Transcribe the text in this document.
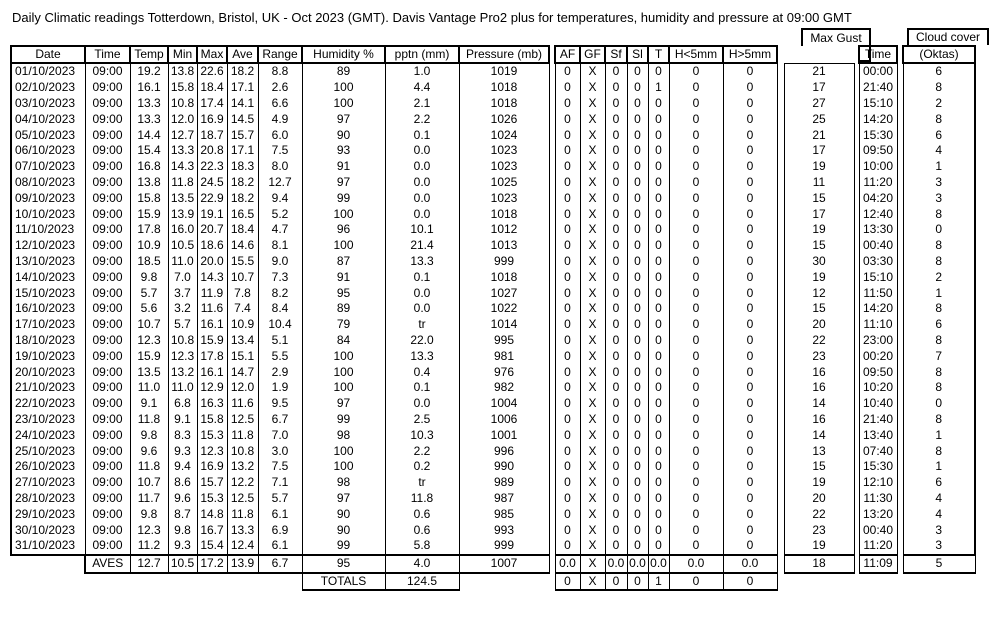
Daily Climatic readings Totterdown, Bristol, UK - Oct 2023 (GMT). Davis Vantage Pro2 plus for temperatures, humidity and pressure at 09:00 GMT
Max Gust	Cloud cover
Date	Time	Temp	Min	Max	Ave	Range	Humidity %	pptn (mm)	Pressure (mb)		AF	GF	Sf	Sl	T	H<5mm	H>5mm				Time		(Oktas)
01/10/2023	09:00	19.2	13.8	22.6	18.2	8.8	89	1.0	1019		0	X	0	0	0	0	0		21		00:00		6
02/10/2023	09:00	16.1	15.8	18.4	17.1	2.6	100	4.4	1018		0	X	0	0	1	0	0		17		21:40		8
03/10/2023	09:00	13.3	10.8	17.4	14.1	6.6	100	2.1	1018		0	X	0	0	0	0	0		27		15:10		2
04/10/2023	09:00	13.3	12.0	16.9	14.5	4.9	97	2.2	1026		0	X	0	0	0	0	0		25		14:20		8
05/10/2023	09:00	14.4	12.7	18.7	15.7	6.0	90	0.1	1024		0	X	0	0	0	0	0		21		15:30		6
06/10/2023	09:00	15.4	13.3	20.8	17.1	7.5	93	0.0	1023		0	X	0	0	0	0	0		17		09:50		4
07/10/2023	09:00	16.8	14.3	22.3	18.3	8.0	91	0.0	1023		0	X	0	0	0	0	0		19		10:00		1
08/10/2023	09:00	13.8	11.8	24.5	18.2	12.7	97	0.0	1025		0	X	0	0	0	0	0		11		11:20		3
09/10/2023	09:00	15.8	13.5	22.9	18.2	9.4	99	0.0	1023		0	X	0	0	0	0	0		15		04:20		3
10/10/2023	09:00	15.9	13.9	19.1	16.5	5.2	100	0.0	1018		0	X	0	0	0	0	0		17		12:40		8
11/10/2023	09:00	17.8	16.0	20.7	18.4	4.7	96	10.1	1012		0	X	0	0	0	0	0		19		13:30		0
12/10/2023	09:00	10.9	10.5	18.6	14.6	8.1	100	21.4	1013		0	X	0	0	0	0	0		15		00:40		8
13/10/2023	09:00	18.5	11.0	20.0	15.5	9.0	87	13.3	999		0	X	0	0	0	0	0		30		03:30		8
14/10/2023	09:00	9.8	7.0	14.3	10.7	7.3	91	0.1	1018		0	X	0	0	0	0	0		19		15:10		2
15/10/2023	09:00	5.7	3.7	11.9	7.8	8.2	95	0.0	1027		0	X	0	0	0	0	0		12		11:50		1
16/10/2023	09:00	5.6	3.2	11.6	7.4	8.4	89	0.0	1022		0	X	0	0	0	0	0		15		14:20		8
17/10/2023	09:00	10.7	5.7	16.1	10.9	10.4	79	tr	1014		0	X	0	0	0	0	0		20		11:10		6
18/10/2023	09:00	12.3	10.8	15.9	13.4	5.1	84	22.0	995		0	X	0	0	0	0	0		22		23:00		8
19/10/2023	09:00	15.9	12.3	17.8	15.1	5.5	100	13.3	981		0	X	0	0	0	0	0		23		00:20		7
20/10/2023	09:00	13.5	13.2	16.1	14.7	2.9	100	0.4	976		0	X	0	0	0	0	0		16		09:50		8
21/10/2023	09:00	11.0	11.0	12.9	12.0	1.9	100	0.1	982		0	X	0	0	0	0	0		16		10:20		8
22/10/2023	09:00	9.1	6.8	16.3	11.6	9.5	97	0.0	1004		0	X	0	0	0	0	0		14		10:40		0
23/10/2023	09:00	11.8	9.1	15.8	12.5	6.7	99	2.5	1006		0	X	0	0	0	0	0		16		21:40		8
24/10/2023	09:00	9.8	8.3	15.3	11.8	7.0	98	10.3	1001		0	X	0	0	0	0	0		14		13:40		1
25/10/2023	09:00	9.6	9.3	12.3	10.8	3.0	100	2.2	996		0	X	0	0	0	0	0		13		07:40		8
26/10/2023	09:00	11.8	9.4	16.9	13.2	7.5	100	0.2	990		0	X	0	0	0	0	0		15		15:30		1
27/10/2023	09:00	10.7	8.6	15.7	12.2	7.1	98	tr	989		0	X	0	0	0	0	0		19		12:10		6
28/10/2023	09:00	11.7	9.6	15.3	12.5	5.7	97	11.8	987		0	X	0	0	0	0	0		20		11:30		4
29/10/2023	09:00	9.8	8.7	14.8	11.8	6.1	90	0.6	985		0	X	0	0	0	0	0		22		13:20		4
30/10/2023	09:00	12.3	9.8	16.7	13.3	6.9	90	0.6	993		0	X	0	0	0	0	0		23		00:40		3
31/10/2023	09:00	11.2	9.3	15.4	12.4	6.1	99	5.8	999		0	X	0	0	0	0	0		19		11:20		3
	AVES	12.7	10.5	17.2	13.9	6.7	95	4.0	1007		0.0	X	0.0	0.0	0.0	0.0	0.0		18		11:09		5
							TOTALS	124.5			0	X	0	0	1	0	0						
